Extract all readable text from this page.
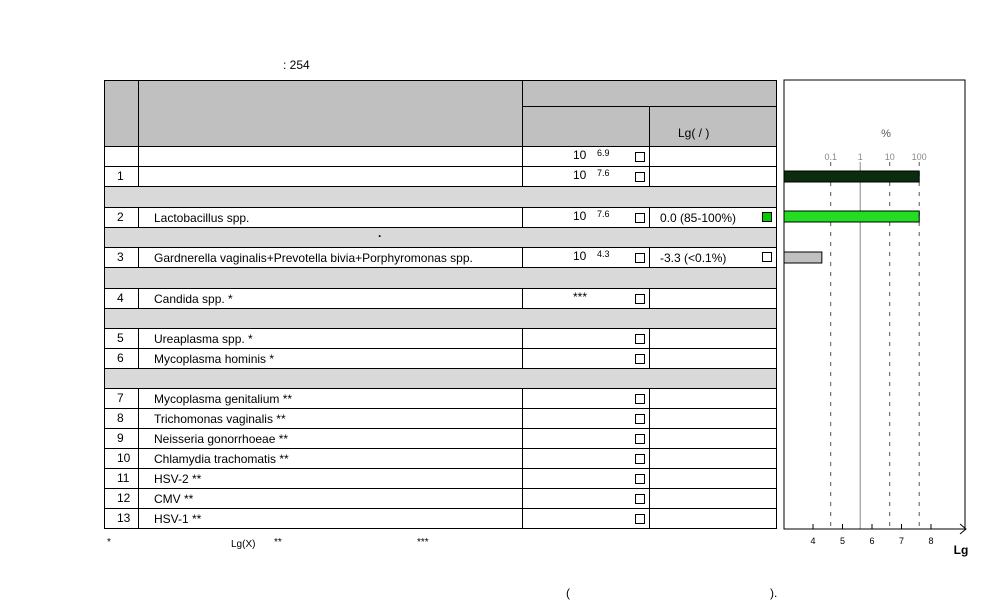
: 254
Lg( / )
10 6.9
1	10 7.6
2	Lactobacillus spp.	10 7.6	0.0 (85-100%)
·
3	Gardnerella vaginalis+Prevotella bivia+Porphyromonas spp.	10 4.3	-3.3 (<0.1%)
4	Candida spp. *	***
5	Ureaplasma spp. *
6	Mycoplasma hominis *
7	Mycoplasma genitalium **
8	Trichomonas vaginalis **
9	Neisseria gonorrhoeae **
10 Chlamydia trachomatis **
11 HSV-2 **
12 CMV **
13 HSV-1 **
*	Lg(X) **	***
(	).
%
0.1 1 10 100
4	5	6	7	8
Lg
